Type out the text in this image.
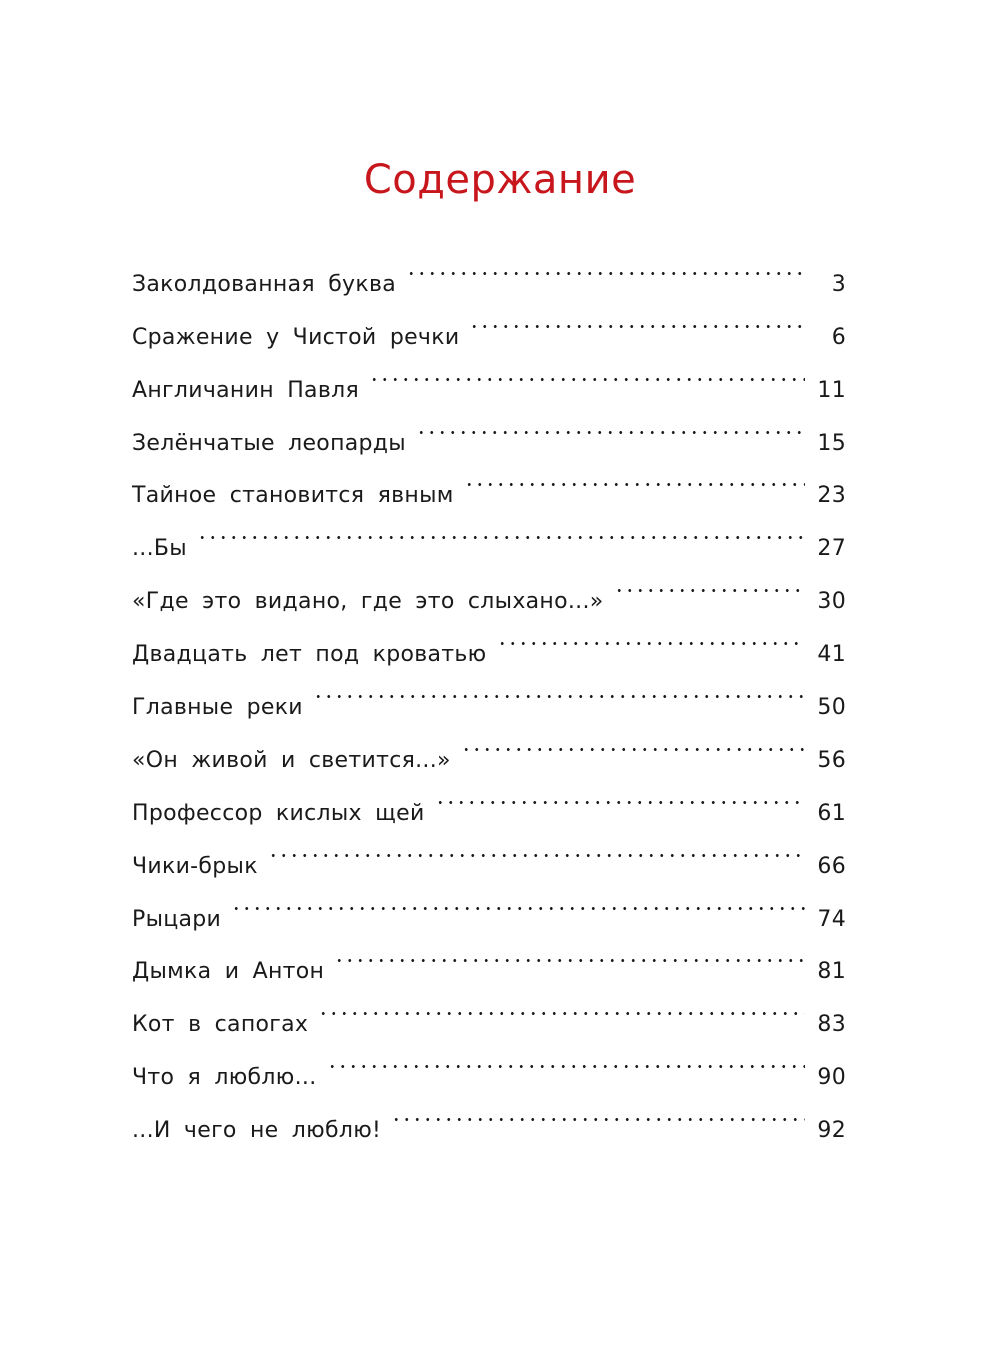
Содержание
Заколдованная буква	3
Сражение у Чистой речки	6
Англичанин Павля	11
Зелёнчатые леопарды	15
Тайное становится явным	23
...Бы	27
«Где это видано, где это слыхано...»	30
Двадцать лет под кроватью	41
Главные реки	50
«Он живой и светится...»	56
Профессор кислых щей	61
Чики-брык	66
Рыцари	74
Дымка и Антон	81
Кот в сапогах	83
Что я люблю...	90
...И чего не люблю!	92
